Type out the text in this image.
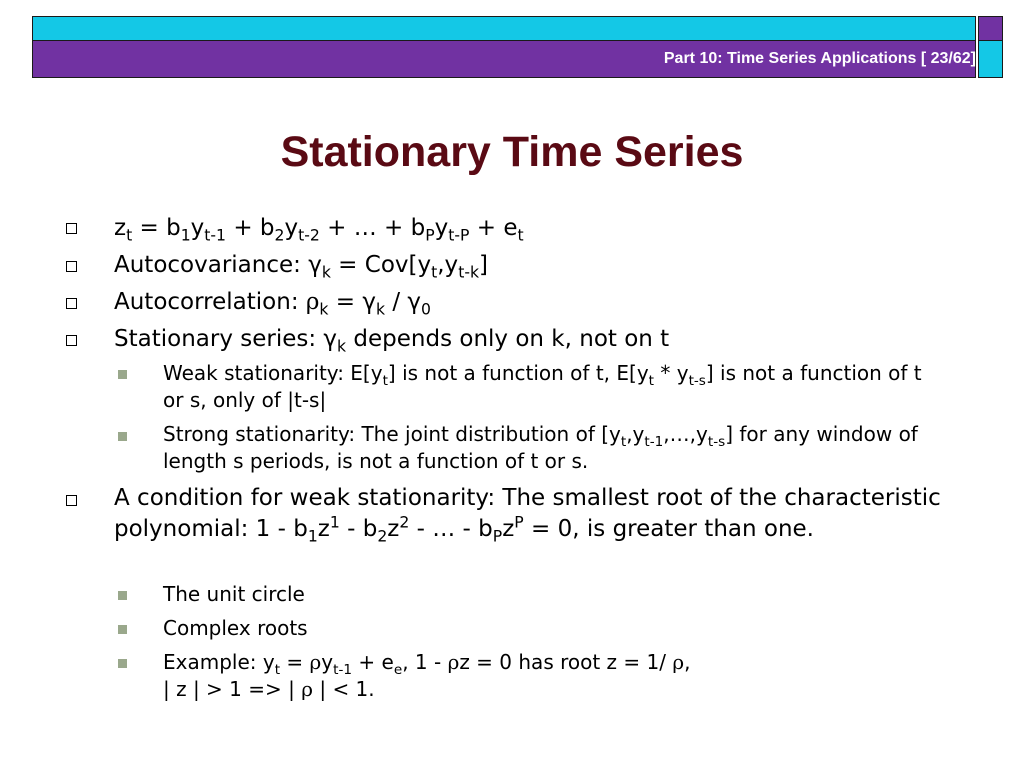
Part 10: Time Series Applications [ 23/62]
Stationary Time Series
$z_t = b_1y_{t-1} + b_2y_{t-2}$ + … + $b_Py_{t-P} + e_t$
Autocovariance: $\gamma_k = Cov[y_t,y_{t-k}]$
Autocorrelation: $\rho_k = \gamma_k / \gamma_0$
Stationary series: $\gamma_k$ depends only on k, not on t
Weak stationarity: $E[y_t]$ is not a function of t, $E[y_t * y_{t-s}]$ is not a function of t or s, only of |t-s|
Strong stationarity: The joint distribution of $[y_t,y_{t-1},\dots,y_{t-s}]$ for any window of length s periods, is not a function of t or s.
A condition for weak stationarity: The smallest root of the characteristic polynomial: $1 - b_1z^1 - b_2z^2$ - … - $b_Pz^P = 0$, is greater than one.
The unit circle
Complex roots
Example: $y_t = \rho y_{t-1} + e_e$, 1 - ρz = 0 has root z = 1/ ρ,
| z | > 1 => | ρ | < 1.
